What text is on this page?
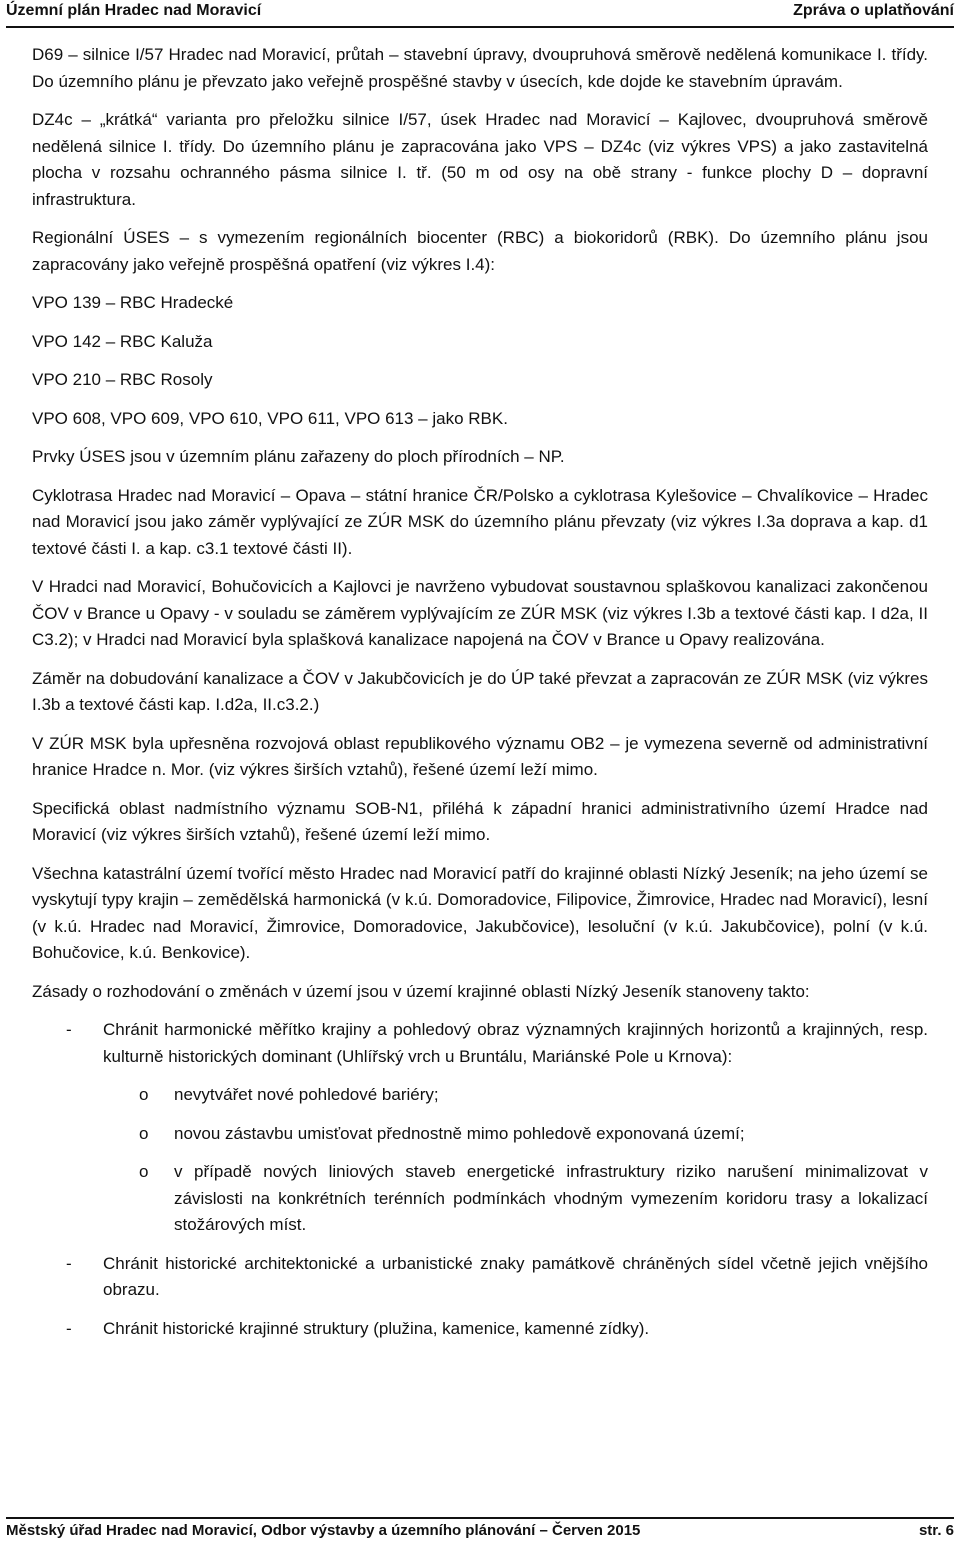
Územní plán Hradec nad Moravicí	Zpráva o uplatňování

D69 – silnice I/57 Hradec nad Moravicí, průtah – stavební úpravy, dvoupruhová směrově nedělená komunikace I. třídy. Do územního plánu je převzato jako veřejně prospěšné stavby v úsecích, kde dojde ke stavebním úpravám.

DZ4c – „krátká“ varianta pro přeložku silnice I/57, úsek Hradec nad Moravicí – Kajlovec, dvoupruhová směrově nedělená silnice I. třídy. Do územního plánu je zapracována jako VPS – DZ4c (viz výkres VPS) a jako zastavitelná plocha v rozsahu ochranného pásma silnice I. tř. (50 m od osy na obě strany - funkce plochy D – dopravní infrastruktura.

Regionální ÚSES – s vymezením regionálních biocenter (RBC) a biokoridorů (RBK). Do územního plánu jsou zapracovány jako veřejně prospěšná opatření (viz výkres I.4):

VPO 139 – RBC Hradecké

VPO 142 – RBC Kaluža

VPO 210 – RBC Rosoly

VPO 608, VPO 609, VPO 610, VPO 611, VPO 613 – jako RBK.

Prvky ÚSES jsou v územním plánu zařazeny do ploch přírodních – NP.

Cyklotrasa Hradec nad Moravicí – Opava – státní hranice ČR/Polsko a cyklotrasa Kylešovice – Chvalíkovice – Hradec nad Moravicí jsou jako záměr vyplývající ze ZÚR MSK do územního plánu převzaty (viz výkres I.3a doprava a kap. d1 textové části I. a kap. c3.1 textové části II).

V Hradci nad Moravicí, Bohučovicích a Kajlovci je navrženo vybudovat soustavnou splaškovou kanalizaci zakončenou ČOV v Brance u Opavy - v souladu se záměrem vyplývajícím ze ZÚR MSK (viz výkres I.3b a textové části kap. I d2a, II C3.2); v Hradci nad Moravicí byla splašková kanalizace napojená na ČOV v Brance u Opavy realizována.

Záměr na dobudování kanalizace a ČOV v Jakubčovicích je do ÚP také převzat a zapracován ze ZÚR MSK (viz výkres I.3b a textové části kap. I.d2a, II.c3.2.)

V ZÚR MSK byla upřesněna rozvojová oblast republikového významu OB2 – je vymezena severně od administrativní hranice Hradce n. Mor. (viz výkres širších vztahů), řešené území leží mimo.

Specifická oblast nadmístního významu SOB-N1, přiléhá k západní hranici administrativního území Hradce nad Moravicí (viz výkres širších vztahů), řešené území leží mimo.

Všechna katastrální území tvořící město Hradec nad Moravicí patří do krajinné oblasti Nízký Jeseník; na jeho území se vyskytují typy krajin – zemědělská harmonická (v k.ú. Domoradovice, Filipovice, Žimrovice, Hradec nad Moravicí), lesní (v k.ú. Hradec nad Moravicí, Žimrovice, Domoradovice, Jakubčovice), lesoluční (v k.ú. Jakubčovice), polní (v k.ú. Bohučovice, k.ú. Benkovice).

Zásady o rozhodování o změnách v území jsou v území krajinné oblasti Nízký Jeseník stanoveny takto:

- Chránit harmonické měřítko krajiny a pohledový obraz významných krajinných horizontů a krajinných, resp. kulturně historických dominant (Uhlířský vrch u Bruntálu, Mariánské Pole u Krnova):
o nevytvářet nové pohledové bariéry;
o novou zástavbu umisťovat přednostně mimo pohledově exponovaná území;
o v případě nových liniových staveb energetické infrastruktury riziko narušení minimalizovat v závislosti na konkrétních terénních podmínkách vhodným vymezením koridoru trasy a lokalizací stožárových míst.
- Chránit historické architektonické a urbanistické znaky památkově chráněných sídel včetně jejich vnějšího obrazu.
- Chránit historické krajinné struktury (plužina, kamenice, kamenné zídky).
Městský úřad Hradec nad Moravicí, Odbor výstavby a územního plánování – Červen 2015	str. 6
